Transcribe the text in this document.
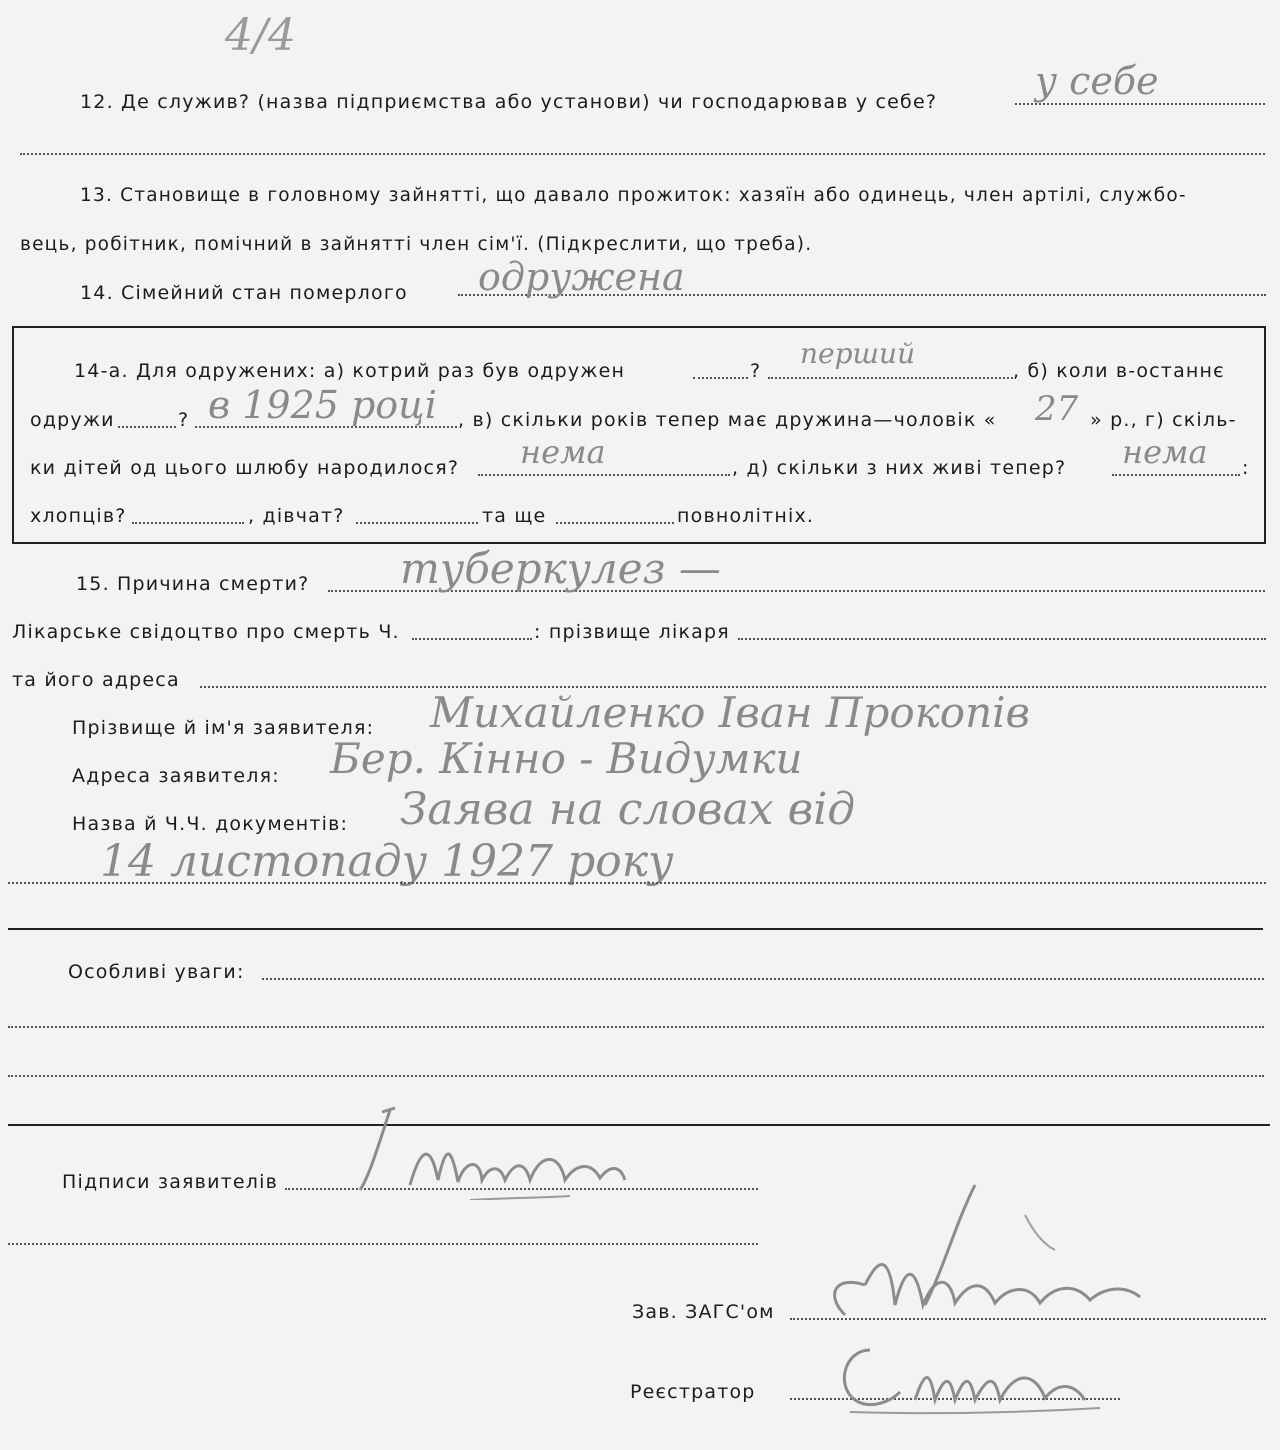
4/4
12. Де служив? (назва підприємства або установи) чи господарював у себе?	у себе
13. Становище в головному зайнятті, що давало прожиток: хазяїн або одинець, член артілі, службо-
вець, робітник, помічний в зайнятті член сім'ї. (Підкреслити, що треба).
14. Сімейний стан померлого одружена
14-а. Для одружених: а) котрий раз був одружен	?
перший
, б) коли в-останнє
одружи	? в 1925 році , в) скільки років тепер має дружина—чоловік « 27 » р., г) скіль-
ки дітей од цього шлюбу народилося? нема	, д) скільки з них живі тепер? нема :
хлопців?	, дівчат?	та ще	повнолітніх.
15. Причина смерти? туберкулез —
Лікарське свідоцтво про смерть Ч.	: прізвище лікаря
та його адреса
Прізвище й ім'я заявителя: Михайленко Іван Прокопів
Адреса заявителя: Бер. Кінно - Видумки
Назва й Ч.Ч. документів: Заява на словах від
14 листопаду 1927 року
Особливі уваги:
Підписи заявителів
Зав. ЗАГС'ом
Реєстратор
